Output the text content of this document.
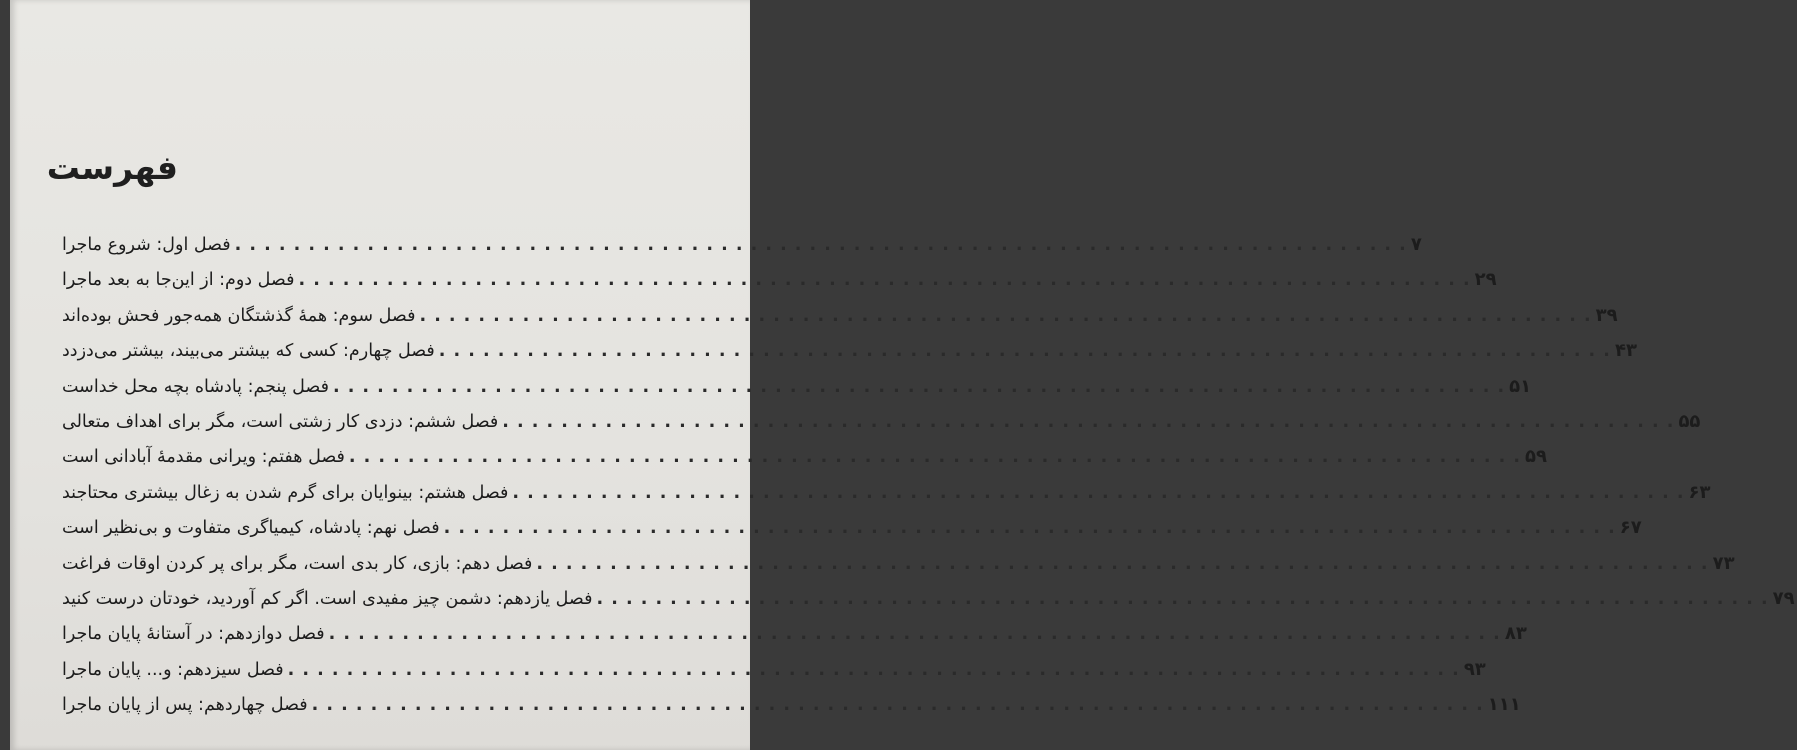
فهرست
فصل اول: شروع ماجرا . . . . . . . . . . . . . . . . . . . . . . . . . . . . . . . . . . . . . . . . . . . . . . . . . . . . . . . . . . . . . . . . . . . . . . . . . . . . . . . . ۷
فصل دوم: از این‌جا به بعد ماجرا . . . . . . . . . . . . . . . . . . . . . . . . . . . . . . . . . . . . . . . . . . . . . . . . . . . . . . . . . . . . . . . . . . . . . . . . . . . . . . . . ۲۹
فصل سوم: همهٔ گذشتگان همه‌جور فحش بوده‌اند . . . . . . . . . . . . . . . . . . . . . . . . . . . . . . . . . . . . . . . . . . . . . . . . . . . . . . . . . . . . . . . . . . . . . . . . . . . . . . . . ۳۹
فصل چهارم: کسی که بیشتر می‌بیند، بیشتر می‌دزدد . . . . . . . . . . . . . . . . . . . . . . . . . . . . . . . . . . . . . . . . . . . . . . . . . . . . . . . . . . . . . . . . . . . . . . . . . . . . . . . . ۴۳
فصل پنجم: پادشاه بچه محل خداست . . . . . . . . . . . . . . . . . . . . . . . . . . . . . . . . . . . . . . . . . . . . . . . . . . . . . . . . . . . . . . . . . . . . . . . . . . . . . . . . ۵۱
فصل ششم: دزدی کار زشتی است، مگر برای اهداف متعالی . . . . . . . . . . . . . . . . . . . . . . . . . . . . . . . . . . . . . . . . . . . . . . . . . . . . . . . . . . . . . . . . . . . . . . . . . . . . . . . . ۵۵
فصل هفتم: ویرانی مقدمهٔ آبادانی است . . . . . . . . . . . . . . . . . . . . . . . . . . . . . . . . . . . . . . . . . . . . . . . . . . . . . . . . . . . . . . . . . . . . . . . . . . . . . . . . ۵۹
فصل هشتم: بینوایان برای گرم شدن به زغال بیشتری محتاجند . . . . . . . . . . . . . . . . . . . . . . . . . . . . . . . . . . . . . . . . . . . . . . . . . . . . . . . . . . . . . . . . . . . . . . . . . . . . . . . . ۶۳
فصل نهم: پادشاه، کیمیاگری متفاوت و بی‌نظیر است . . . . . . . . . . . . . . . . . . . . . . . . . . . . . . . . . . . . . . . . . . . . . . . . . . . . . . . . . . . . . . . . . . . . . . . . . . . . . . . . ۶۷
فصل دهم: بازی، کار بدی است، مگر برای پر کردن اوقات فراغت . . . . . . . . . . . . . . . . . . . . . . . . . . . . . . . . . . . . . . . . . . . . . . . . . . . . . . . . . . . . . . . . . . . . . . . . . . . . . . . . ۷۳
فصل یازدهم: دشمن چیز مفیدی است. اگر کم آوردید، خودتان درست کنید . . . . . . . . . . . . . . . . . . . . . . . . . . . . . . . . . . . . . . . . . . . . . . . . . . . . . . . . . . . . . . . . . . . . . . . . . . . . . . . . ۷۹
فصل دوازدهم: در آستانهٔ پایان ماجرا . . . . . . . . . . . . . . . . . . . . . . . . . . . . . . . . . . . . . . . . . . . . . . . . . . . . . . . . . . . . . . . . . . . . . . . . . . . . . . . . ۸۳
فصل سیزدهم: و... پایان ماجرا . . . . . . . . . . . . . . . . . . . . . . . . . . . . . . . . . . . . . . . . . . . . . . . . . . . . . . . . . . . . . . . . . . . . . . . . . . . . . . . . ۹۳
فصل چهاردهم: پس از پایان ماجرا . . . . . . . . . . . . . . . . . . . . . . . . . . . . . . . . . . . . . . . . . . . . . . . . . . . . . . . . . . . . . . . . . . . . . . . . . . . . . . . . ۱۱۱
